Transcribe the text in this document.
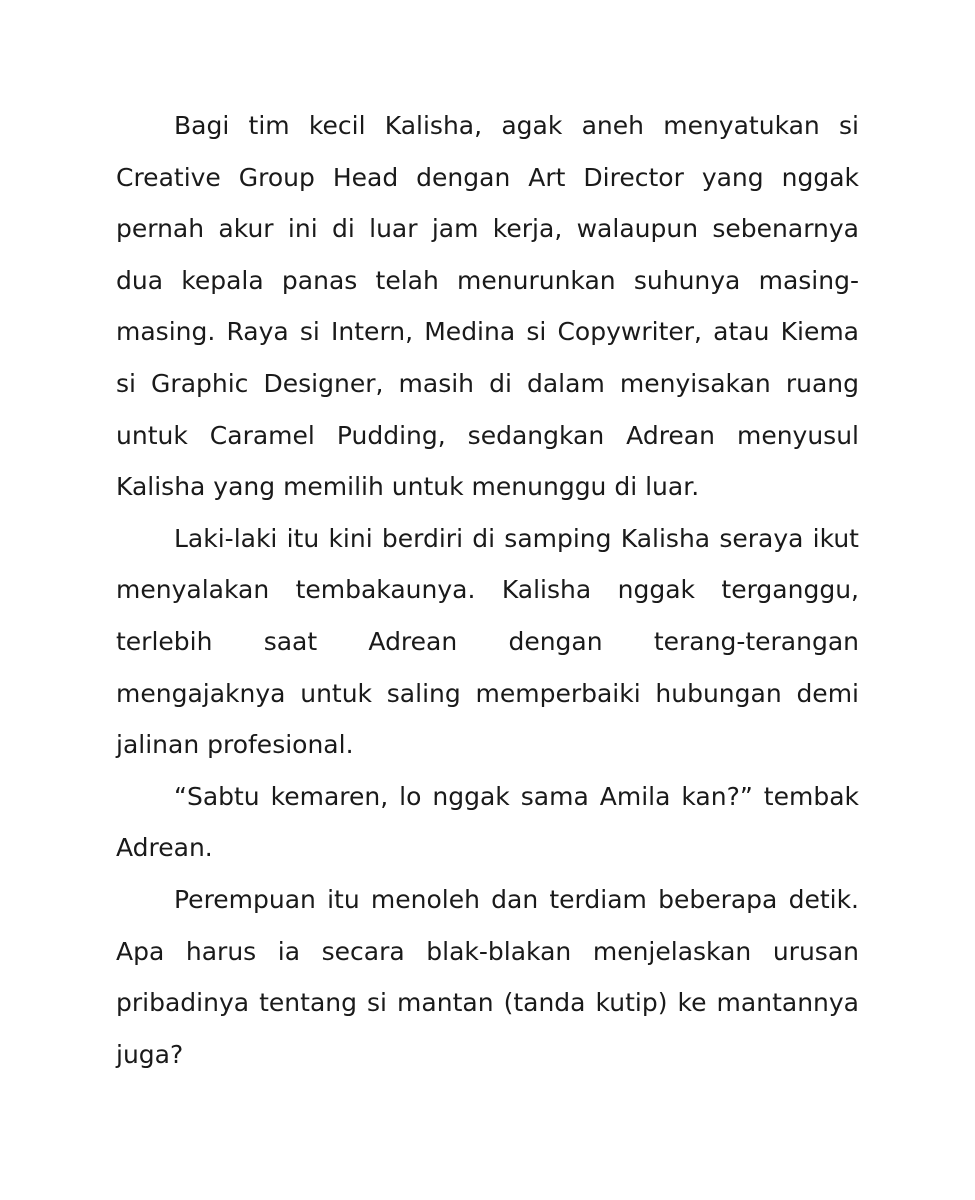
Bagi tim kecil Kalisha, agak aneh menyatukan si Creative Group Head dengan Art Director yang nggak pernah akur ini di luar jam kerja, walaupun sebenarnya dua kepala panas telah menurunkan suhunya masing-masing. Raya si Intern, Medina si Copywriter, atau Kiema si Graphic Designer, masih di dalam menyisakan ruang untuk Caramel Pudding, sedangkan Adrean menyusul Kalisha yang memilih untuk menunggu di luar.

Laki-laki itu kini berdiri di samping Kalisha seraya ikut menyalakan tembakaunya. Kalisha nggak terganggu, terlebih saat Adrean dengan terang-terangan mengajaknya untuk saling memperbaiki hubungan demi jalinan profesional.

“Sabtu kemaren, lo nggak sama Amila kan?” tembak Adrean.

Perempuan itu menoleh dan terdiam beberapa detik. Apa harus ia secara blak-blakan menjelaskan urusan pribadinya tentang si mantan (tanda kutip) ke mantannya juga?
